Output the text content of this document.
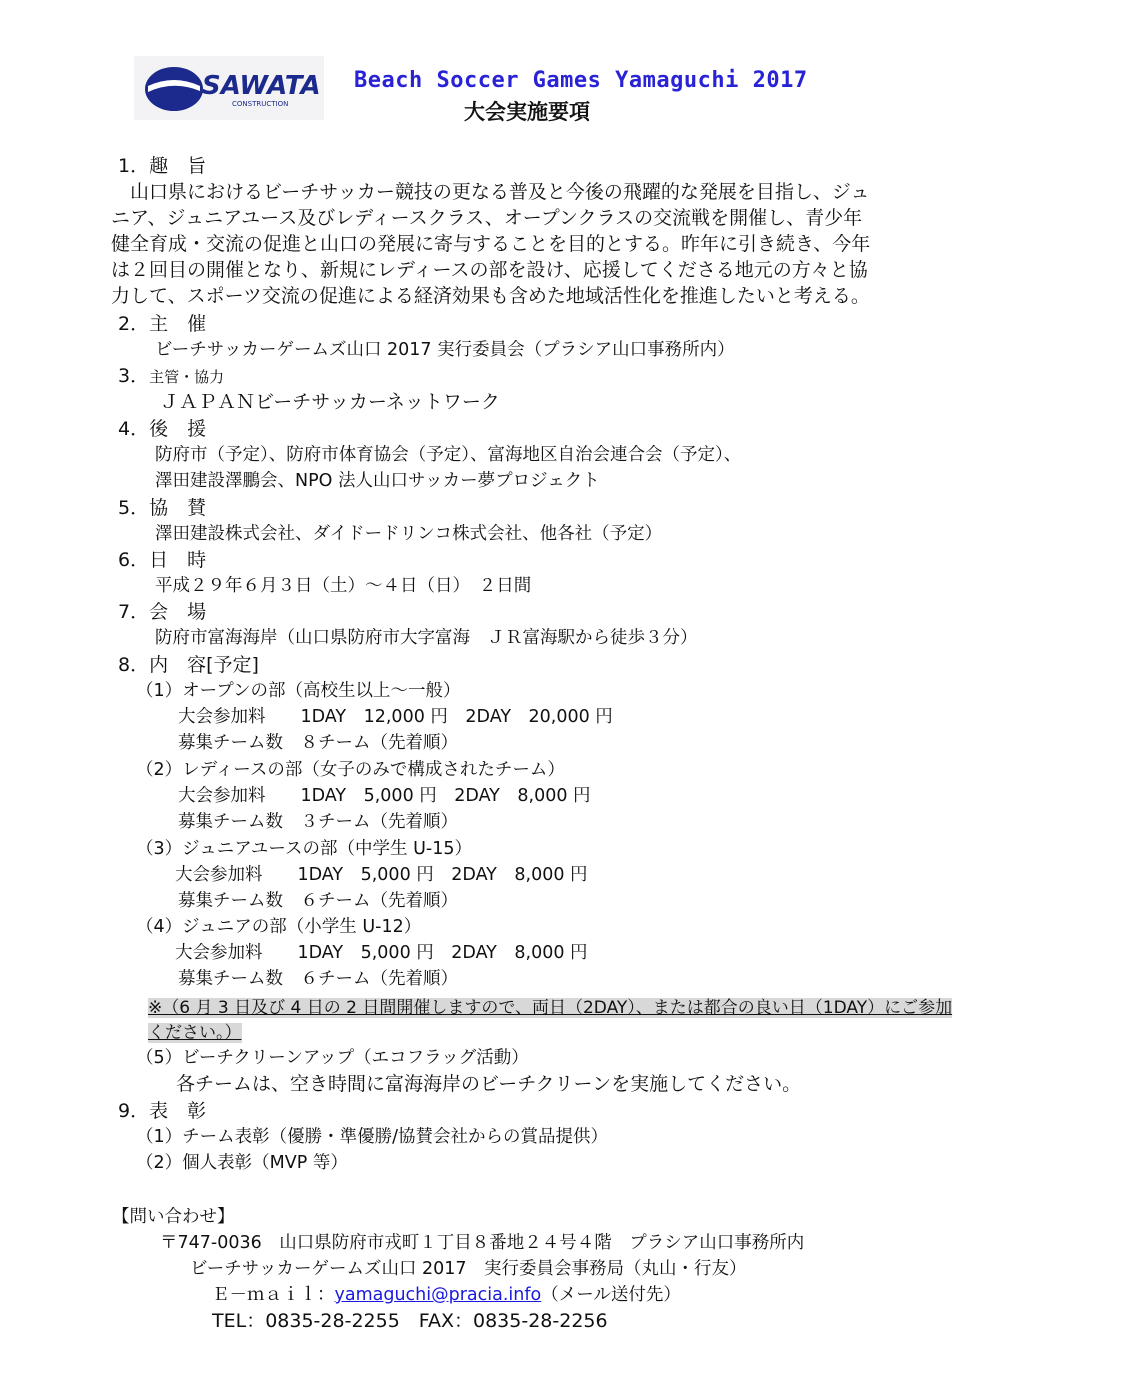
SAWATA
CONSTRUCTION
Beach Soccer Games Yamaguchi 2017
大会実施要項
1．趣　旨
山口県におけるビーチサッカー競技の更なる普及と今後の飛躍的な発展を目指し、ジュ
ニア、ジュニアユース及びレディースクラス、オープンクラスの交流戦を開催し、青少年
健全育成・交流の促進と山口の発展に寄与することを目的とする。昨年に引き続き、今年
は２回目の開催となり、新規にレディースの部を設け、応援してくださる地元の方々と協
力して、スポーツ交流の促進による経済効果も含めた地域活性化を推進したいと考える。
2．主　催
ビーチサッカーゲームズ山口 2017 実行委員会（プラシア山口事務所内）
3．主管・協力
ＪＡＰＡＮビーチサッカーネットワーク
4．後　援
防府市（予定）、防府市体育協会（予定）、富海地区自治会連合会（予定）、
澤田建設澤鵬会、NPO 法人山口サッカー夢プロジェクト
5．協　賛
澤田建設株式会社、ダイドードリンコ株式会社、他各社（予定）
6．日　時
平成２９年６月３日（土）～４日（日）　２日間
7．会　場
防府市富海海岸（山口県防府市大字富海　ＪＲ富海駅から徒歩３分）
8．内　容[予定]
（1）オープンの部（高校生以上～一般）
大会参加料　　1DAY　12,000 円　2DAY　20,000 円
募集チーム数　８チーム（先着順）
（2）レディースの部（女子のみで構成されたチーム）
大会参加料　　1DAY　5,000 円　2DAY　8,000 円
募集チーム数　３チーム（先着順）
（3）ジュニアユースの部（中学生 U-15）
大会参加料　　1DAY　5,000 円　2DAY　8,000 円
募集チーム数　６チーム（先着順）
（4）ジュニアの部（小学生 U-12）
大会参加料　　1DAY　5,000 円　2DAY　8,000 円
募集チーム数　６チーム（先着順）
※（6 月 3 日及び 4 日の 2 日間開催しますので、両日（2DAY）、または都合の良い日（1DAY）にご参加
ください。）
（5）ビーチクリーンアップ（エコフラッグ活動）
各チームは、空き時間に富海海岸のビーチクリーンを実施してください。
9．表　彰
（1）チーム表彰（優勝・準優勝/協賛会社からの賞品提供）
（2）個人表彰（MVP 等）
【問い合わせ】
〒747-0036　山口県防府市戎町１丁目８番地２４号４階　プラシア山口事務所内
ビーチサッカーゲームズ山口 2017　実行委員会事務局（丸山・行友）
Ｅ－ｍａｉｌ：yamaguchi@pracia.info（メール送付先）
TEL：0835-28-2255　FAX：0835-28-2256
